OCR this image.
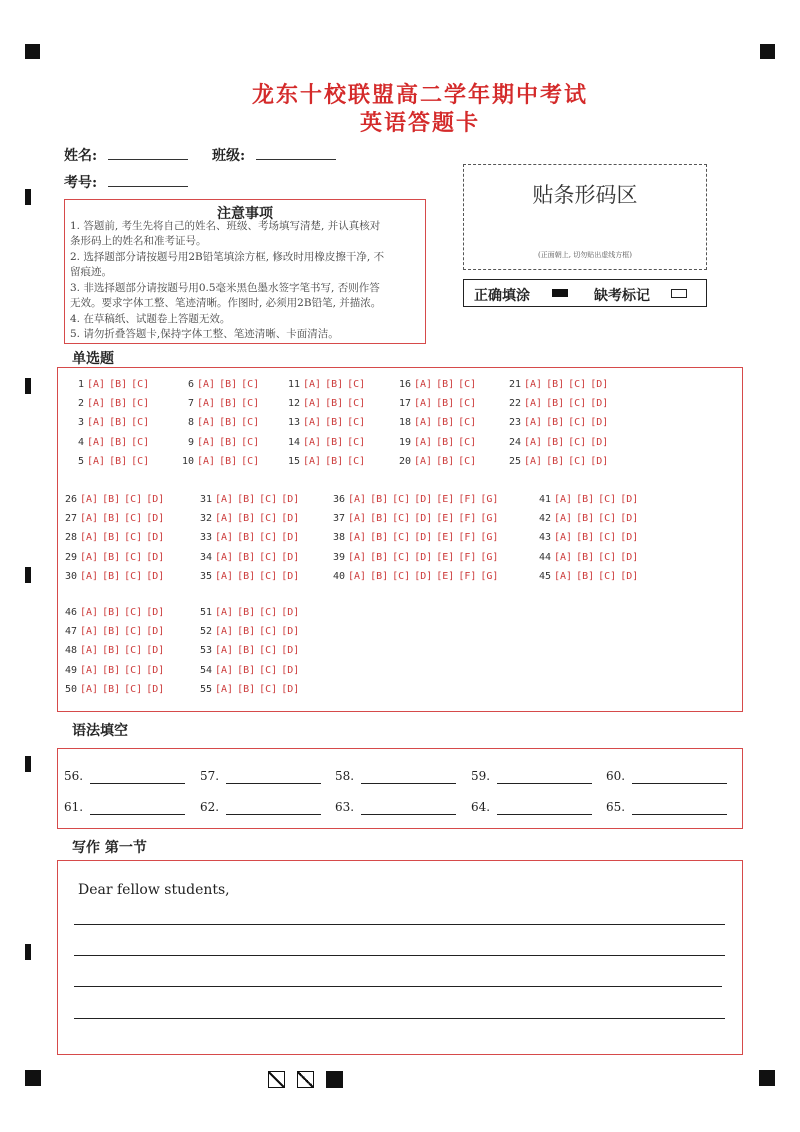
龙东十校联盟高二学年期中考试
英语答题卡
姓名:	班级:
考号:
注意事项
1. 答题前, 考生先将自己的姓名、班级、考场填写清楚, 并认真核对
条形码上的姓名和准考证号。
2. 选择题部分请按题号用2B铅笔填涂方框, 修改时用橡皮擦干净, 不
留痕迹。
3. 非选择题部分请按题号用0.5毫米黑色墨水签字笔书写, 否则作答
无效。要求字体工整、笔迹清晰。作图时, 必须用2B铅笔, 并描浓。
4. 在草稿纸、试题卷上答题无效。
5. 请勿折叠答题卡,保持字体工整、笔迹清晰、卡面清洁。
贴条形码区
(正面朝上, 切勿贴出虚线方框)
正确填涂	缺考标记
单选题
1 [A] [B] [C]
2 [A] [B] [C]
3 [A] [B] [C]
4 [A] [B] [C]
5 [A] [B] [C]
6 [A] [B] [C]
7 [A] [B] [C]
8 [A] [B] [C]
9 [A] [B] [C]
10 [A] [B] [C]
11 [A] [B] [C]
12 [A] [B] [C]
13 [A] [B] [C]
14 [A] [B] [C]
15 [A] [B] [C]
16 [A] [B] [C]
17 [A] [B] [C]
18 [A] [B] [C]
19 [A] [B] [C]
20 [A] [B] [C]
21 [A] [B] [C] [D]
22 [A] [B] [C] [D]
23 [A] [B] [C] [D]
24 [A] [B] [C] [D]
25 [A] [B] [C] [D]
26 [A] [B] [C] [D]
27 [A] [B] [C] [D]
28 [A] [B] [C] [D]
29 [A] [B] [C] [D]
30 [A] [B] [C] [D]
31 [A] [B] [C] [D]
32 [A] [B] [C] [D]
33 [A] [B] [C] [D]
34 [A] [B] [C] [D]
35 [A] [B] [C] [D]
36 [A] [B] [C] [D] [E] [F] [G]
37 [A] [B] [C] [D] [E] [F] [G]
38 [A] [B] [C] [D] [E] [F] [G]
39 [A] [B] [C] [D] [E] [F] [G]
40 [A] [B] [C] [D] [E] [F] [G]
41 [A] [B] [C] [D]
42 [A] [B] [C] [D]
43 [A] [B] [C] [D]
44 [A] [B] [C] [D]
45 [A] [B] [C] [D]
46 [A] [B] [C] [D]
47 [A] [B] [C] [D]
48 [A] [B] [C] [D]
49 [A] [B] [C] [D]
50 [A] [B] [C] [D]
51 [A] [B] [C] [D]
52 [A] [B] [C] [D]
53 [A] [B] [C] [D]
54 [A] [B] [C] [D]
55 [A] [B] [C] [D]
语法填空
56.	57.	58.	59.	60.
61.	62.	63.	64.	65.
写作 第一节
Dear fellow students,
